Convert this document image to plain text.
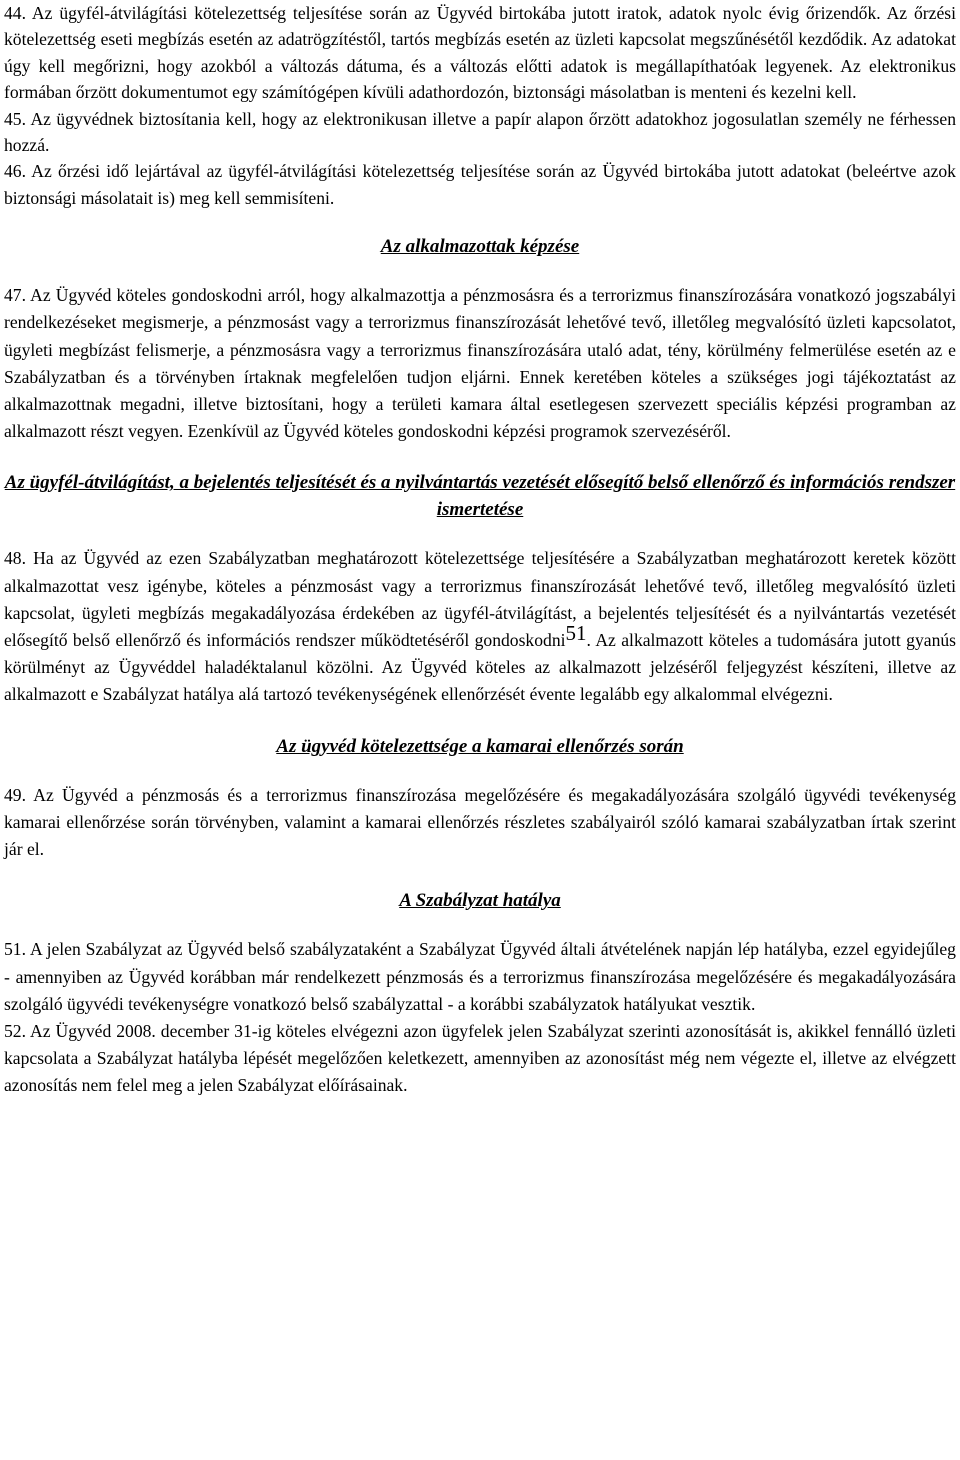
44. Az ügyfél-átvilágítási kötelezettség teljesítése során az Ügyvéd birtokába jutott iratok, adatok nyolc évig őrizendők. Az őrzési kötelezettség eseti megbízás esetén az adatrögzítéstől, tartós megbízás esetén az üzleti kapcsolat megszűnésétől kezdődik. Az adatokat úgy kell megőrizni, hogy azokból a változás dátuma, és a változás előtti adatok is megállapíthatóak legyenek. Az elektronikus formában őrzött dokumentumot egy számítógépen kívüli adathordozón, biztonsági másolatban is menteni és kezelni kell.

45. Az ügyvédnek biztosítania kell, hogy az elektronikusan illetve a papír alapon őrzött adatokhoz jogosulatlan személy ne férhessen hozzá.

46. Az őrzési idő lejártával az ügyfél-átvilágítási kötelezettség teljesítése során az Ügyvéd birtokába jutott adatokat (beleértve azok biztonsági másolatait is) meg kell semmisíteni.

Az alkalmazottak képzése

47. Az Ügyvéd köteles gondoskodni arról, hogy alkalmazottja a pénzmosásra és a terrorizmus finanszírozására vonatkozó jogszabályi rendelkezéseket megismerje, a pénzmosást vagy a terrorizmus finanszírozását lehetővé tevő, illetőleg megvalósító üzleti kapcsolatot, ügyleti megbízást felismerje, a pénzmosásra vagy a terrorizmus finanszírozására utaló adat, tény, körülmény felmerülése esetén az e Szabályzatban és a törvényben írtaknak megfelelően tudjon eljárni. Ennek keretében köteles a szükséges jogi tájékoztatást az alkalmazottnak megadni, illetve biztosítani, hogy a területi kamara által esetlegesen szervezett speciális képzési programban az alkalmazott részt vegyen. Ezenkívül az Ügyvéd köteles gondoskodni képzési programok szervezéséről.

Az ügyfél-átvilágítást, a bejelentés teljesítését és a nyilvántartás vezetését elősegítő belső ellenőrző és információs rendszer ismertetése

48. Ha az Ügyvéd az ezen Szabályzatban meghatározott kötelezettsége teljesítésére a Szabályzatban meghatározott keretek között alkalmazottat vesz igénybe, köteles a pénzmosást vagy a terrorizmus finanszírozását lehetővé tevő, illetőleg megvalósító üzleti kapcsolat, ügyleti megbízás megakadályozása érdekében az ügyfél-átvilágítást, a bejelentés teljesítését és a nyilvántartás vezetését elősegítő belső ellenőrző és információs rendszer működtetéséről gondoskodni51. Az alkalmazott köteles a tudomására jutott gyanús körülményt az Ügyvéddel haladéktalanul közölni. Az Ügyvéd köteles az alkalmazott jelzéséről feljegyzést készíteni, illetve az alkalmazott e Szabályzat hatálya alá tartozó tevékenységének ellenőrzését évente legalább egy alkalommal elvégezni.

Az ügyvéd kötelezettsége a kamarai ellenőrzés során

49. Az Ügyvéd a pénzmosás és a terrorizmus finanszírozása megelőzésére és megakadályozására szolgáló ügyvédi tevékenység kamarai ellenőrzése során törvényben, valamint a kamarai ellenőrzés részletes szabályairól szóló kamarai szabályzatban írtak szerint jár el.

A Szabályzat hatálya

51. A jelen Szabályzat az Ügyvéd belső szabályzataként a Szabályzat Ügyvéd általi átvételének napján lép hatályba, ezzel egyidejűleg - amennyiben az Ügyvéd korábban már rendelkezett pénzmosás és a terrorizmus finanszírozása megelőzésére és megakadályozására szolgáló ügyvédi tevékenységre vonatkozó belső szabályzattal - a korábbi szabályzatok hatályukat vesztik.

52. Az Ügyvéd 2008. december 31-ig köteles elvégezni azon ügyfelek jelen Szabályzat szerinti azonosítását is, akikkel fennálló üzleti kapcsolata a Szabályzat hatályba lépését megelőzően keletkezett, amennyiben az azonosítást még nem végezte el, illetve az elvégzett azonosítás nem felel meg a jelen Szabályzat előírásainak.
